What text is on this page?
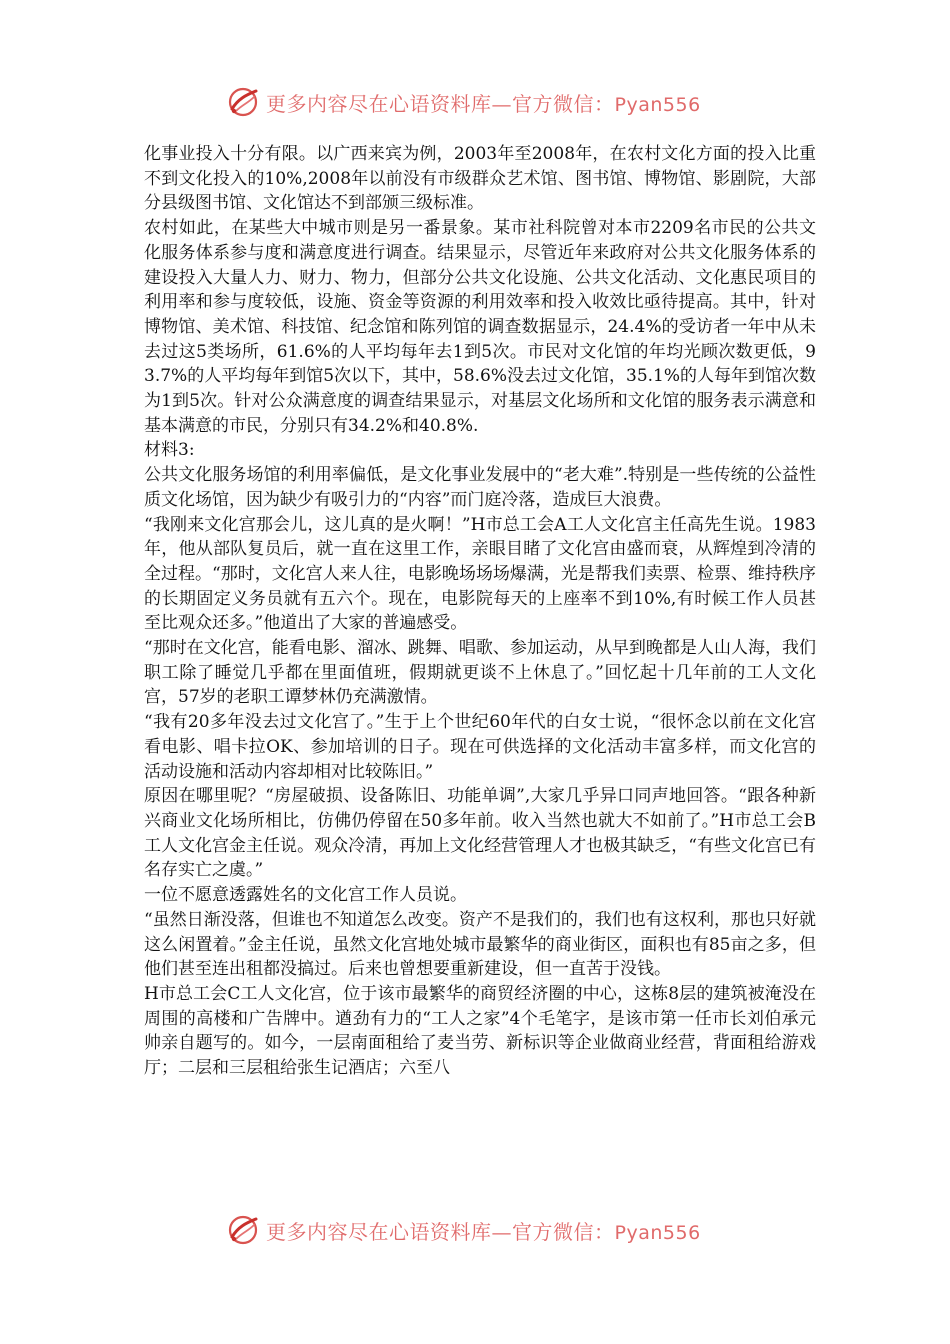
更多内容尽在心语资料库—官方微信：Pyan556

化事业投入十分有限。以广西来宾为例，2003年至2008年，在农村文化方面的投入比重不到文化投入的10%,2008年以前没有市级群众艺术馆、图书馆、博物馆、影剧院，大部分县级图书馆、文化馆达不到部颁三级标准。

农村如此，在某些大中城市则是另一番景象。某市社科院曾对本市2209名市民的公共文化服务体系参与度和满意度进行调查。结果显示，尽管近年来政府对公共文化服务体系的建设投入大量人力、财力、物力，但部分公共文化设施、公共文化活动、文化惠民项目的利用率和参与度较低，设施、资金等资源的利用效率和投入收效比亟待提高。其中，针对博物馆、美术馆、科技馆、纪念馆和陈列馆的调查数据显示，24.4%的受访者一年中从未去过这5类场所，61.6%的人平均每年去1到5次。市民对文化馆的年均光顾次数更低，93.7%的人平均每年到馆5次以下，其中，58.6%没去过文化馆，35.1%的人每年到馆次数为1到5次。针对公众满意度的调查结果显示，对基层文化场所和文化馆的服务表示满意和基本满意的市民，分别只有34.2%和40.8%.

材料3:

公共文化服务场馆的利用率偏低，是文化事业发展中的“老大难”.特别是一些传统的公益性质文化场馆，因为缺少有吸引力的“内容”而门庭冷落，造成巨大浪费。

“我刚来文化宫那会儿，这儿真的是火啊！”H市总工会A工人文化宫主任高先生说。1983年，他从部队复员后，就一直在这里工作，亲眼目睹了文化宫由盛而衰，从辉煌到冷清的全过程。“那时，文化宫人来人往，电影晚场场场爆满，光是帮我们卖票、检票、维持秩序的长期固定义务员就有五六个。现在，电影院每天的上座率不到10%,有时候工作人员甚至比观众还多。”他道出了大家的普遍感受。

“那时在文化宫，能看电影、溜冰、跳舞、唱歌、参加运动，从早到晚都是人山人海，我们职工除了睡觉几乎都在里面值班，假期就更谈不上休息了。”回忆起十几年前的工人文化宫，57岁的老职工谭梦林仍充满激情。

“我有20多年没去过文化宫了。”生于上个世纪60年代的白女士说，“很怀念以前在文化宫看电影、唱卡拉OK、参加培训的日子。现在可供选择的文化活动丰富多样，而文化宫的活动设施和活动内容却相对比较陈旧。”

原因在哪里呢？“房屋破损、设备陈旧、功能单调”,大家几乎异口同声地回答。“跟各种新兴商业文化场所相比，仿佛仍停留在50多年前。收入当然也就大不如前了。”H市总工会B工人文化宫金主任说。观众冷清，再加上文化经营管理人才也极其缺乏，“有些文化宫已有名存实亡之虞。”

一位不愿意透露姓名的文化宫工作人员说。

“虽然日渐没落，但谁也不知道怎么改变。资产不是我们的，我们也有这权利，那也只好就这么闲置着。”金主任说，虽然文化宫地处城市最繁华的商业街区，面积也有85亩之多，但他们甚至连出租都没搞过。后来也曾想要重新建设，但一直苦于没钱。

H市总工会C工人文化宫，位于该市最繁华的商贸经济圈的中心，这栋8层的建筑被淹没在周围的高楼和广告牌中。遒劲有力的“工人之家”4个毛笔字，是该市第一任市长刘伯承元帅亲自题写的。如今，一层南面租给了麦当劳、新标识等企业做商业经营，背面租给游戏厅；二层和三层租给张生记酒店；六至八

更多内容尽在心语资料库—官方微信：Pyan556
